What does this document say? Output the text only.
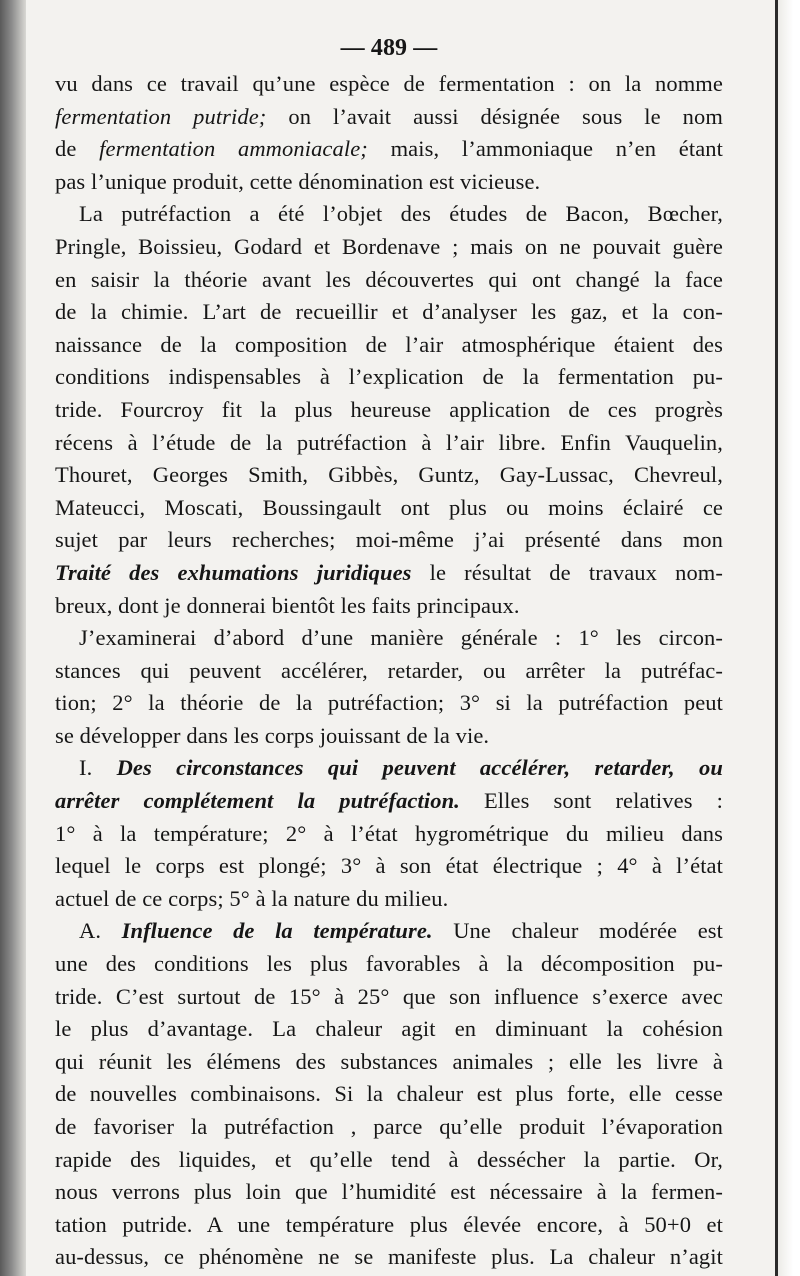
— 489 —
vu dans ce travail qu’une espèce de fermentation : on la nomme
fermentation putride; on l’avait aussi désignée sous le nom
de fermentation ammoniacale; mais, l’ammoniaque n’en étant
pas l’unique produit, cette dénomination est vicieuse.
La putréfaction a été l’objet des études de Bacon, Bœcher,
Pringle, Boissieu, Godard et Bordenave ; mais on ne pouvait guère
en saisir la théorie avant les découvertes qui ont changé la face
de la chimie. L’art de recueillir et d’analyser les gaz, et la con-
naissance de la composition de l’air atmosphérique étaient des
conditions indispensables à l’explication de la fermentation pu-
tride. Fourcroy fit la plus heureuse application de ces progrès
récens à l’étude de la putréfaction à l’air libre. Enfin Vauquelin,
Thouret, Georges Smith, Gibbès, Guntz, Gay-Lussac, Chevreul,
Mateucci, Moscati, Boussingault ont plus ou moins éclairé ce
sujet par leurs recherches; moi-même j’ai présenté dans mon
Traité des exhumations juridiques le résultat de travaux nom-
breux, dont je donnerai bientôt les faits principaux.
J’examinerai d’abord d’une manière générale : 1° les circon-
stances qui peuvent accélérer, retarder, ou arrêter la putréfac-
tion; 2° la théorie de la putréfaction; 3° si la putréfaction peut
se développer dans les corps jouissant de la vie.
I. Des circonstances qui peuvent accélérer, retarder, ou
arrêter complétement la putréfaction. Elles sont relatives :
1° à la température; 2° à l’état hygrométrique du milieu dans
lequel le corps est plongé; 3° à son état électrique ; 4° à l’état
actuel de ce corps; 5° à la nature du milieu.
A. Influence de la température. Une chaleur modérée est
une des conditions les plus favorables à la décomposition pu-
tride. C’est surtout de 15° à 25° que son influence s’exerce avec
le plus d’avantage. La chaleur agit en diminuant la cohésion
qui réunit les élémens des substances animales ; elle les livre à
de nouvelles combinaisons. Si la chaleur est plus forte, elle cesse
de favoriser la putréfaction , parce qu’elle produit l’évaporation
rapide des liquides, et qu’elle tend à dessécher la partie. Or,
nous verrons plus loin que l’humidité est nécessaire à la fermen-
tation putride. A une température plus élevée encore, à 50+0 et
au-dessus, ce phénomène ne se manifeste plus. La chaleur n’agit
